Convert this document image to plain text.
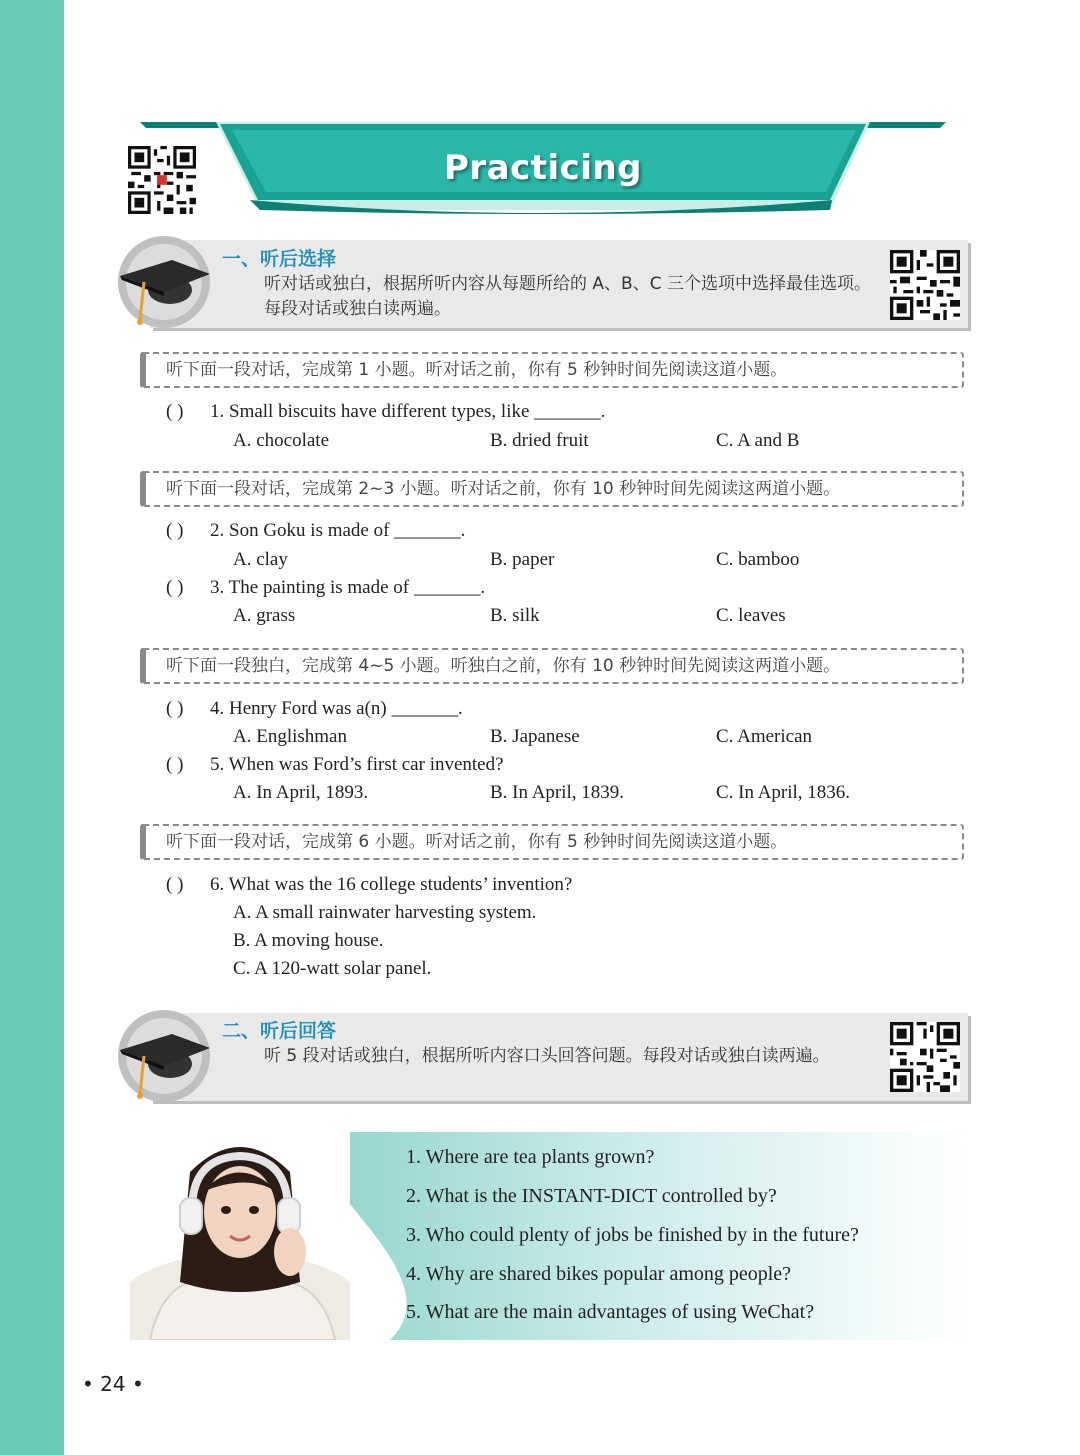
Practicing
一、听后选择
听对话或独白，根据所听内容从每题所给的 A、B、C 三个选项中选择最佳选项。每段对话或独白读两遍。
听下面一段对话，完成第 1 小题。听对话之前，你有 5 秒钟时间先阅读这道小题。
听下面一段对话，完成第 2~3 小题。听对话之前，你有 10 秒钟时间先阅读这两道小题。
听下面一段独白，完成第 4~5 小题。听独白之前，你有 10 秒钟时间先阅读这两道小题。
听下面一段对话，完成第 6 小题。听对话之前，你有 5 秒钟时间先阅读这道小题。
( ) 1. Small biscuits have different types, like _______.
A. chocolate	B. dried fruit	C. A and B
( ) 2. Son Goku is made of _______.
A. clay	B. paper	C. bamboo
( ) 3. The painting is made of _______.
A. grass	B. silk	C. leaves
( ) 4. Henry Ford was a(n) _______.
A. Englishman	B. Japanese	C. American
( ) 5. When was Ford’s first car invented?
A. In April, 1893.	B. In April, 1839.	C. In April, 1836.
( ) 6. What was the 16 college students’ invention?
A. A small rainwater harvesting system.
B. A moving house.
C. A 120-watt solar panel.
二、听后回答
听 5 段对话或独白，根据所听内容口头回答问题。每段对话或独白读两遍。
1. Where are tea plants grown?
2. What is the INSTANT-DICT controlled by?
3. Who could plenty of jobs be finished by in the future?
4. Why are shared bikes popular among people?
5. What are the main advantages of using WeChat?
• 24 •
